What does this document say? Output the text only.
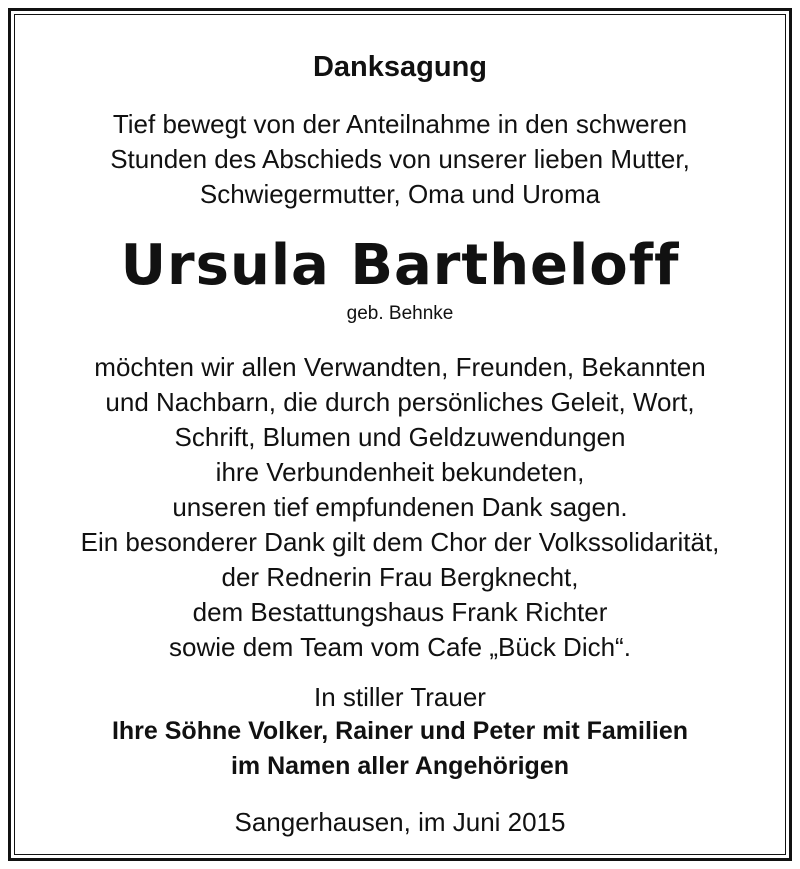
Danksagung
Tief bewegt von der Anteilnahme in den schweren
Stunden des Abschieds von unserer lieben Mutter,
Schwiegermutter, Oma und Uroma
Ursula Bartheloff
geb. Behnke
möchten wir allen Verwandten, Freunden, Bekannten
und Nachbarn, die durch persönliches Geleit, Wort,
Schrift, Blumen und Geldzuwendungen
ihre Verbundenheit bekundeten,
unseren tief empfundenen Dank sagen.
Ein besonderer Dank gilt dem Chor der Volkssolidarität,
der Rednerin Frau Bergknecht,
dem Bestattungshaus Frank Richter
sowie dem Team vom Cafe „Bück Dich“.
In stiller Trauer
Ihre Söhne Volker, Rainer und Peter mit Familien
im Namen aller Angehörigen
Sangerhausen, im Juni 2015
